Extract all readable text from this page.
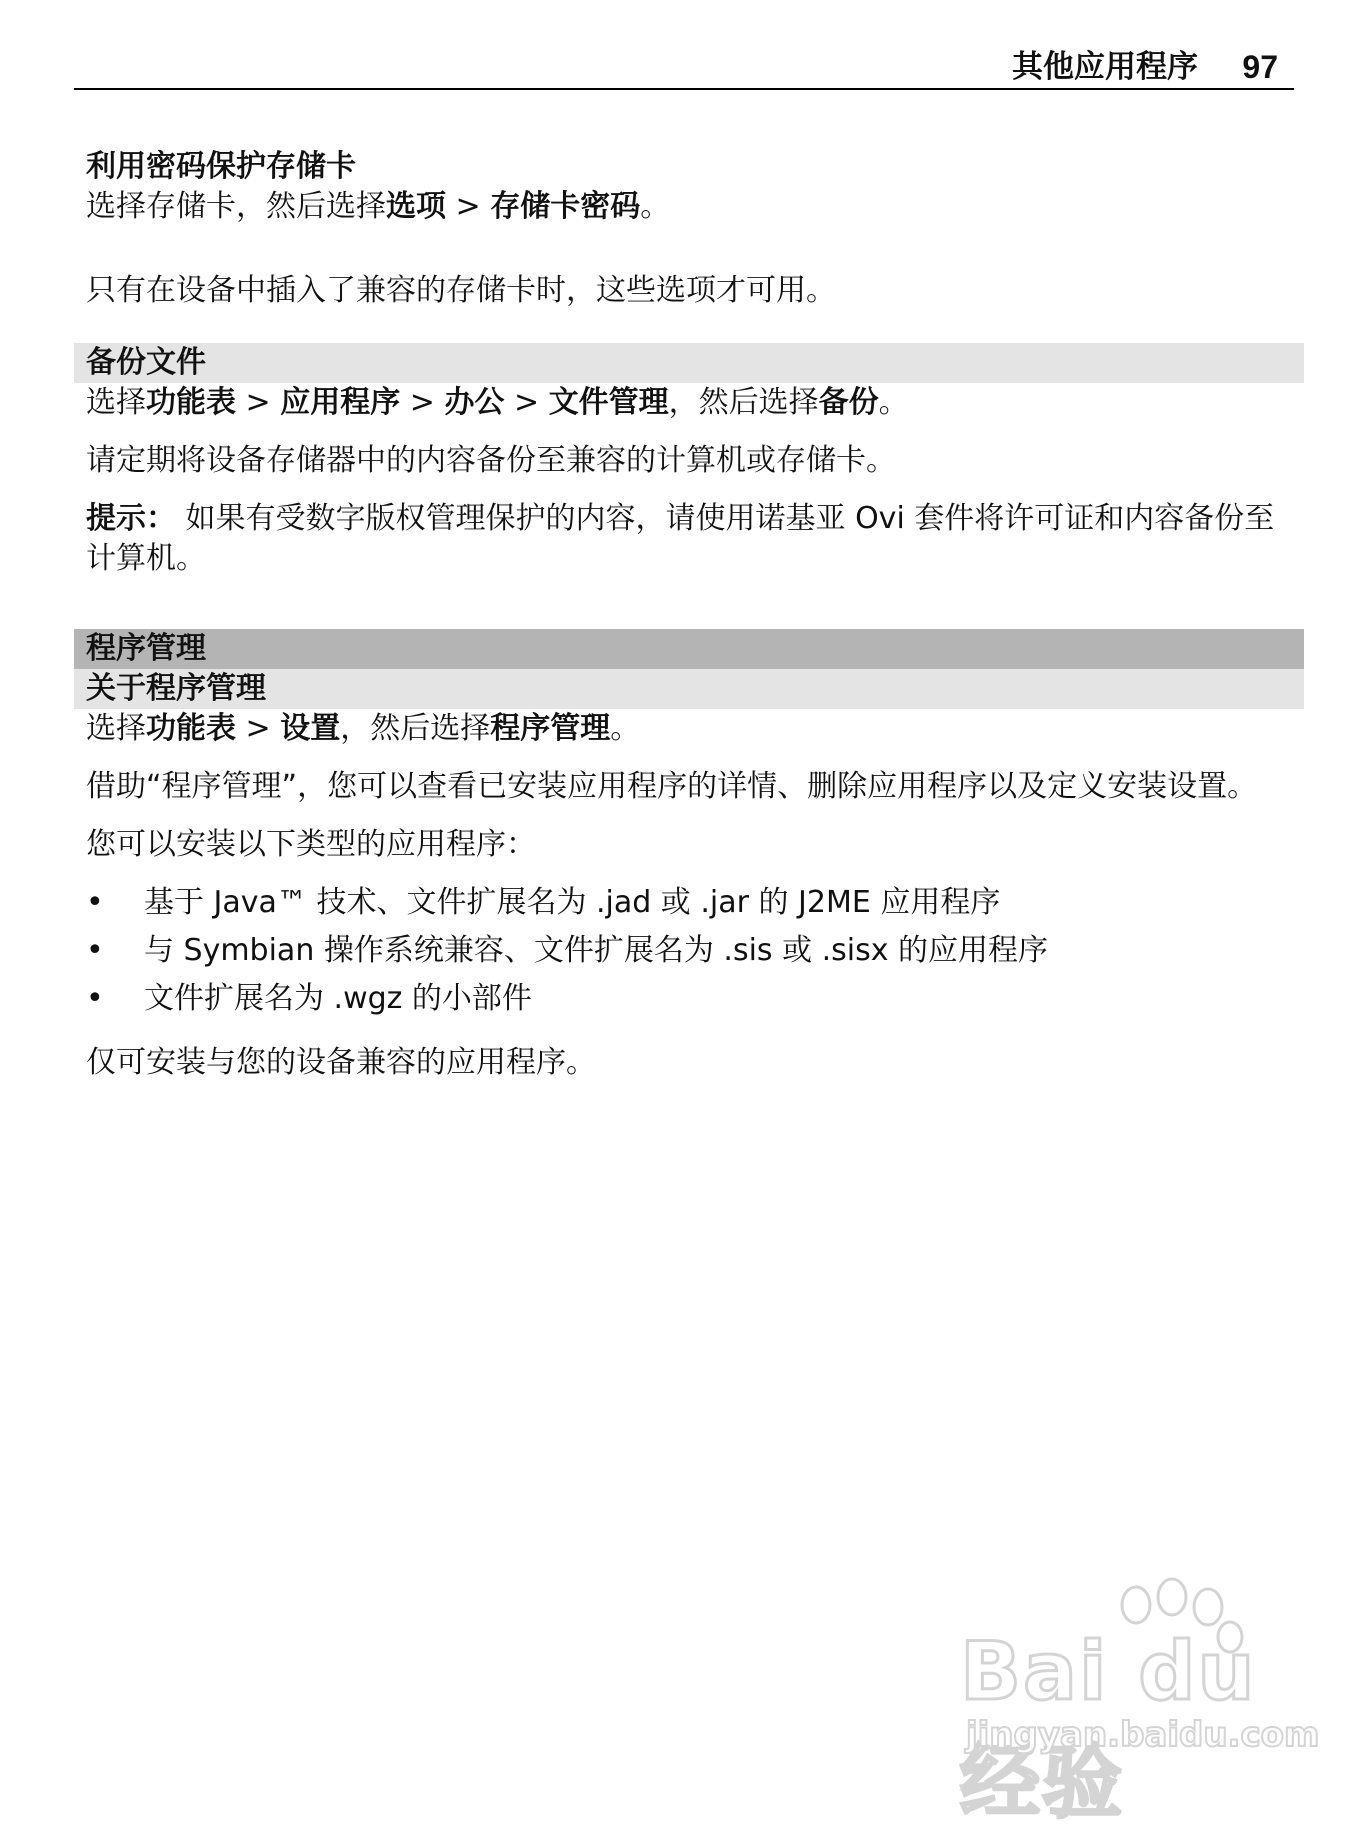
其他应用程序 97
利用密码保护存储卡

选择存储卡，然后选择选项 > 存储卡密码。

只有在设备中插入了兼容的存储卡时，这些选项才可用。

备份文件

选择功能表 > 应用程序 > 办公 > 文件管理，然后选择备份。

请定期将设备存储器中的内容备份至兼容的计算机或存储卡。

提示： 如果有受数字版权管理保护的内容，请使用诺基亚 Ovi 套件将许可证和内容备份至计算机。

程序管理
关于程序管理

选择功能表 > 设置，然后选择程序管理。

借助“程序管理”，您可以查看已安装应用程序的详情、删除应用程序以及定义安装设置。

您可以安装以下类型的应用程序：

• 基于 Java™ 技术、文件扩展名为 .jad 或 .jar 的 J2ME 应用程序
• 与 Symbian 操作系统兼容、文件扩展名为 .sis 或 .sisx 的应用程序
• 文件扩展名为 .wgz 的小部件

仅可安装与您的设备兼容的应用程序。

Bai du 经验
jingyan.baidu.com
